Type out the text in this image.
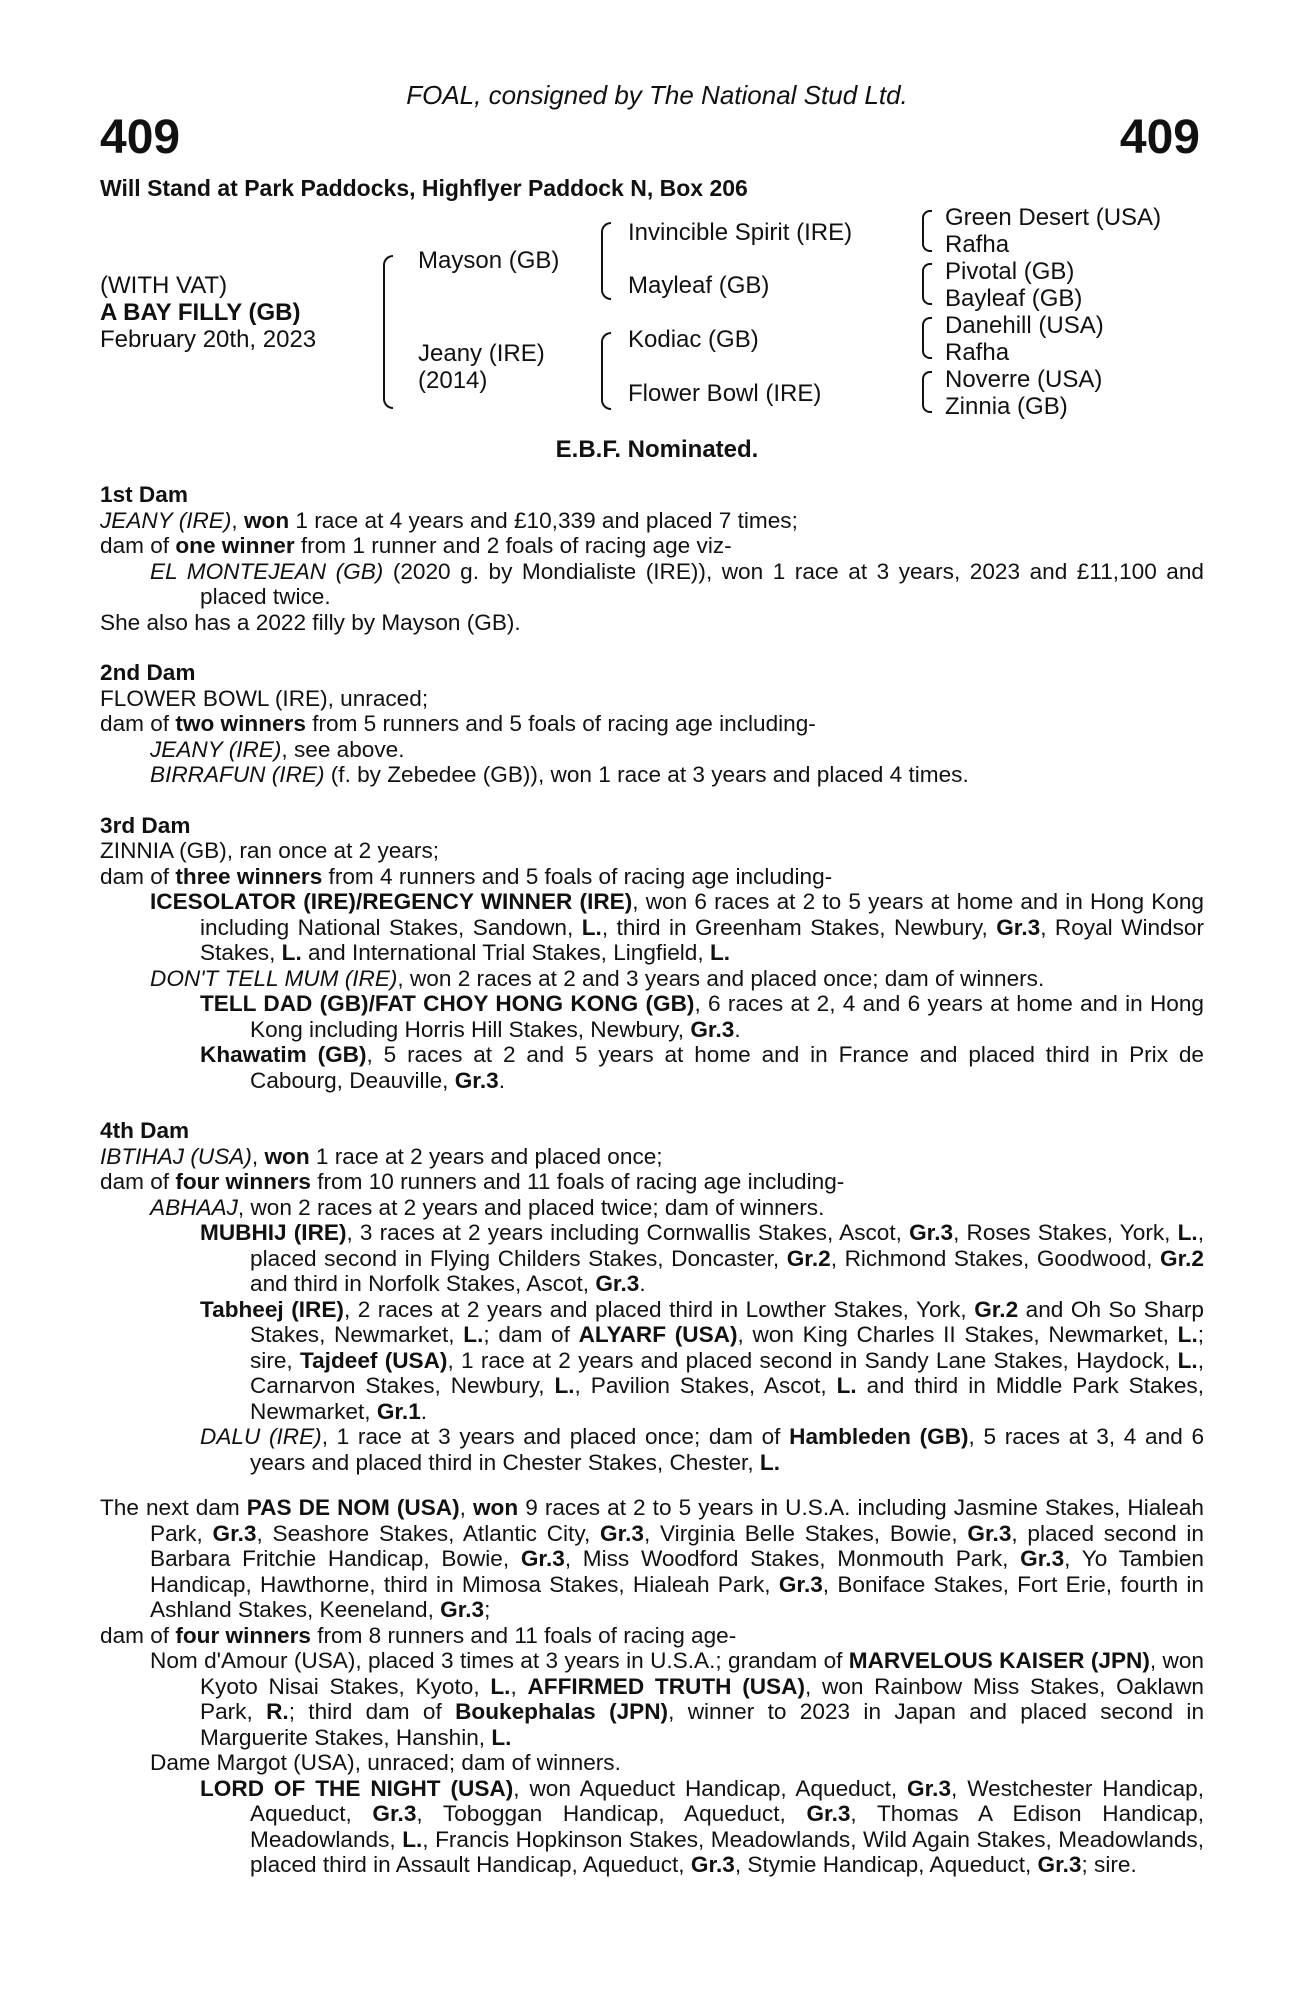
FOAL, consigned by The National Stud Ltd.
409	409
Will Stand at Park Paddocks, Highflyer Paddock N, Box 206
(WITH VAT)
A BAY FILLY (GB)
February 20th, 2023
Mayson (GB)
Jeany (IRE)
(2014)
Invincible Spirit (IRE)
Mayleaf (GB)
Kodiac (GB)
Flower Bowl (IRE)
Green Desert (USA)
Rafha
Pivotal (GB)
Bayleaf (GB)
Danehill (USA)
Rafha
Noverre (USA)
Zinnia (GB)
E.B.F. Nominated.
1st Dam

JEANY (IRE), won 1 race at 4 years and £10,339 and placed 7 times;

dam of one winner from 1 runner and 2 foals of racing age viz-

EL MONTEJEAN (GB) (2020 g. by Mondialiste (IRE)), won 1 race at 3 years, 2023 and £11,100 and placed twice.

She also has a 2022 filly by Mayson (GB).

2nd Dam

FLOWER BOWL (IRE), unraced;

dam of two winners from 5 runners and 5 foals of racing age including-

JEANY (IRE), see above.

BIRRAFUN (IRE) (f. by Zebedee (GB)), won 1 race at 3 years and placed 4 times.

3rd Dam

ZINNIA (GB), ran once at 2 years;

dam of three winners from 4 runners and 5 foals of racing age including-

ICESOLATOR (IRE)/REGENCY WINNER (IRE), won 6 races at 2 to 5 years at home and in Hong Kong including National Stakes, Sandown, L., third in Greenham Stakes, Newbury, Gr.3, Royal Windsor Stakes, L. and International Trial Stakes, Lingfield, L.

DON'T TELL MUM (IRE), won 2 races at 2 and 3 years and placed once; dam of winners.

TELL DAD (GB)/FAT CHOY HONG KONG (GB), 6 races at 2, 4 and 6 years at home and in Hong Kong including Horris Hill Stakes, Newbury, Gr.3.

Khawatim (GB), 5 races at 2 and 5 years at home and in France and placed third in Prix de Cabourg, Deauville, Gr.3.

4th Dam

IBTIHAJ (USA), won 1 race at 2 years and placed once;

dam of four winners from 10 runners and 11 foals of racing age including-

ABHAAJ, won 2 races at 2 years and placed twice; dam of winners.

MUBHIJ (IRE), 3 races at 2 years including Cornwallis Stakes, Ascot, Gr.3, Roses Stakes, York, L., placed second in Flying Childers Stakes, Doncaster, Gr.2, Richmond Stakes, Goodwood, Gr.2 and third in Norfolk Stakes, Ascot, Gr.3.

Tabheej (IRE), 2 races at 2 years and placed third in Lowther Stakes, York, Gr.2 and Oh So Sharp Stakes, Newmarket, L.; dam of ALYARF (USA), won King Charles II Stakes, Newmarket, L.; sire, Tajdeef (USA), 1 race at 2 years and placed second in Sandy Lane Stakes, Haydock, L., Carnarvon Stakes, Newbury, L., Pavilion Stakes, Ascot, L. and third in Middle Park Stakes, Newmarket, Gr.1.

DALU (IRE), 1 race at 3 years and placed once; dam of Hambleden (GB), 5 races at 3, 4 and 6 years and placed third in Chester Stakes, Chester, L.

The next dam PAS DE NOM (USA), won 9 races at 2 to 5 years in U.S.A. including Jasmine Stakes, Hialeah Park, Gr.3, Seashore Stakes, Atlantic City, Gr.3, Virginia Belle Stakes, Bowie, Gr.3, placed second in Barbara Fritchie Handicap, Bowie, Gr.3, Miss Woodford Stakes, Monmouth Park, Gr.3, Yo Tambien Handicap, Hawthorne, third in Mimosa Stakes, Hialeah Park, Gr.3, Boniface Stakes, Fort Erie, fourth in Ashland Stakes, Keeneland, Gr.3;

dam of four winners from 8 runners and 11 foals of racing age-

Nom d'Amour (USA), placed 3 times at 3 years in U.S.A.; grandam of MARVELOUS KAISER (JPN), won Kyoto Nisai Stakes, Kyoto, L., AFFIRMED TRUTH (USA), won Rainbow Miss Stakes, Oaklawn Park, R.; third dam of Boukephalas (JPN), winner to 2023 in Japan and placed second in Marguerite Stakes, Hanshin, L.

Dame Margot (USA), unraced; dam of winners.

LORD OF THE NIGHT (USA), won Aqueduct Handicap, Aqueduct, Gr.3, Westchester Handicap, Aqueduct, Gr.3, Toboggan Handicap, Aqueduct, Gr.3, Thomas A Edison Handicap, Meadowlands, L., Francis Hopkinson Stakes, Meadowlands, Wild Again Stakes, Meadowlands, placed third in Assault Handicap, Aqueduct, Gr.3, Stymie Handicap, Aqueduct, Gr.3; sire.
